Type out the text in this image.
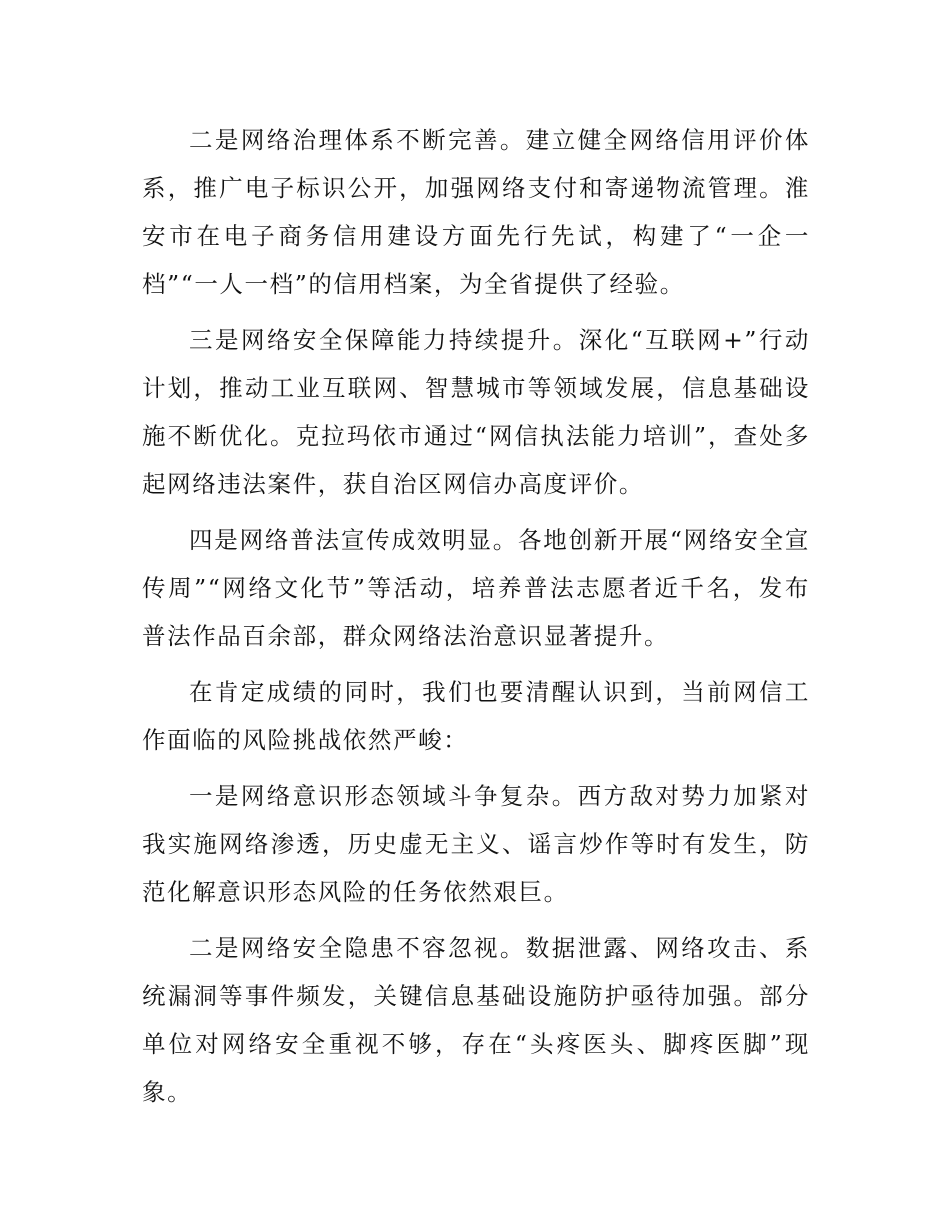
二是网络治理体系不断完善。建立健全网络信用评价体系，推广电子标识公开，加强网络支付和寄递物流管理。淮安市在电子商务信用建设方面先行先试，构建了“一企一档”“一人一档”的信用档案，为全省提供了经验。

三是网络安全保障能力持续提升。深化“互联网+”行动计划，推动工业互联网、智慧城市等领域发展，信息基础设施不断优化。克拉玛依市通过“网信执法能力培训”，查处多起网络违法案件，获自治区网信办高度评价。

四是网络普法宣传成效明显。各地创新开展“网络安全宣传周”“网络文化节”等活动，培养普法志愿者近千名，发布普法作品百余部，群众网络法治意识显著提升。

在肯定成绩的同时，我们也要清醒认识到，当前网信工作面临的风险挑战依然严峻：

一是网络意识形态领域斗争复杂。西方敌对势力加紧对我实施网络渗透，历史虚无主义、谣言炒作等时有发生，防范化解意识形态风险的任务依然艰巨。

二是网络安全隐患不容忽视。数据泄露、网络攻击、系统漏洞等事件频发，关键信息基础设施防护亟待加强。部分单位对网络安全重视不够，存在“头疼医头、脚疼医脚”现象。
